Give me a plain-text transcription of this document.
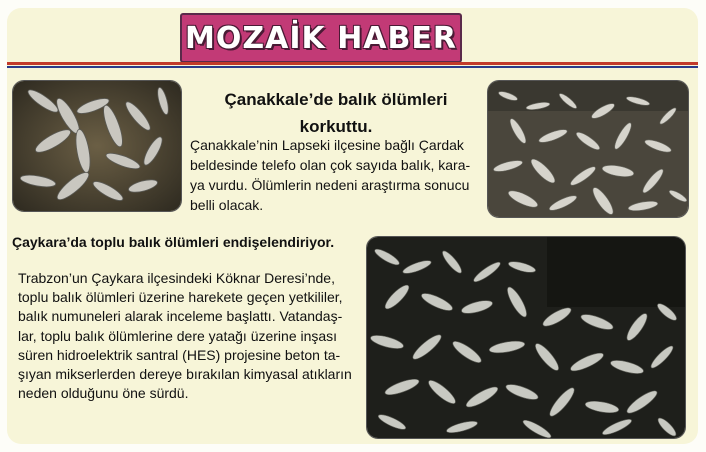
MOZAİK HABER
Çanakkale’de balık ölümleri
korkuttu.
Çanakkale’nin Lapseki ilçesine bağlı Çardak
beldesinde telefo olan çok sayıda balık, kara-
ya vurdu. Ölümlerin nedeni araştırma sonucu
belli olacak.
Çaykara’da toplu balık ölümleri endişelendiriyor.
Trabzon’un Çaykara ilçesindeki Köknar Deresi’nde,
toplu balık ölümleri üzerine harekete geçen yetkililer,
balık numuneleri alarak inceleme başlattı. Vatandaş-
lar, toplu balık ölümlerine dere yatağı üzerine inşası
süren hidroelektrik santral (HES) projesine beton ta-
şıyan mikserlerden dereye bırakılan kimyasal atıkların
neden olduğunu öne sürdü.
